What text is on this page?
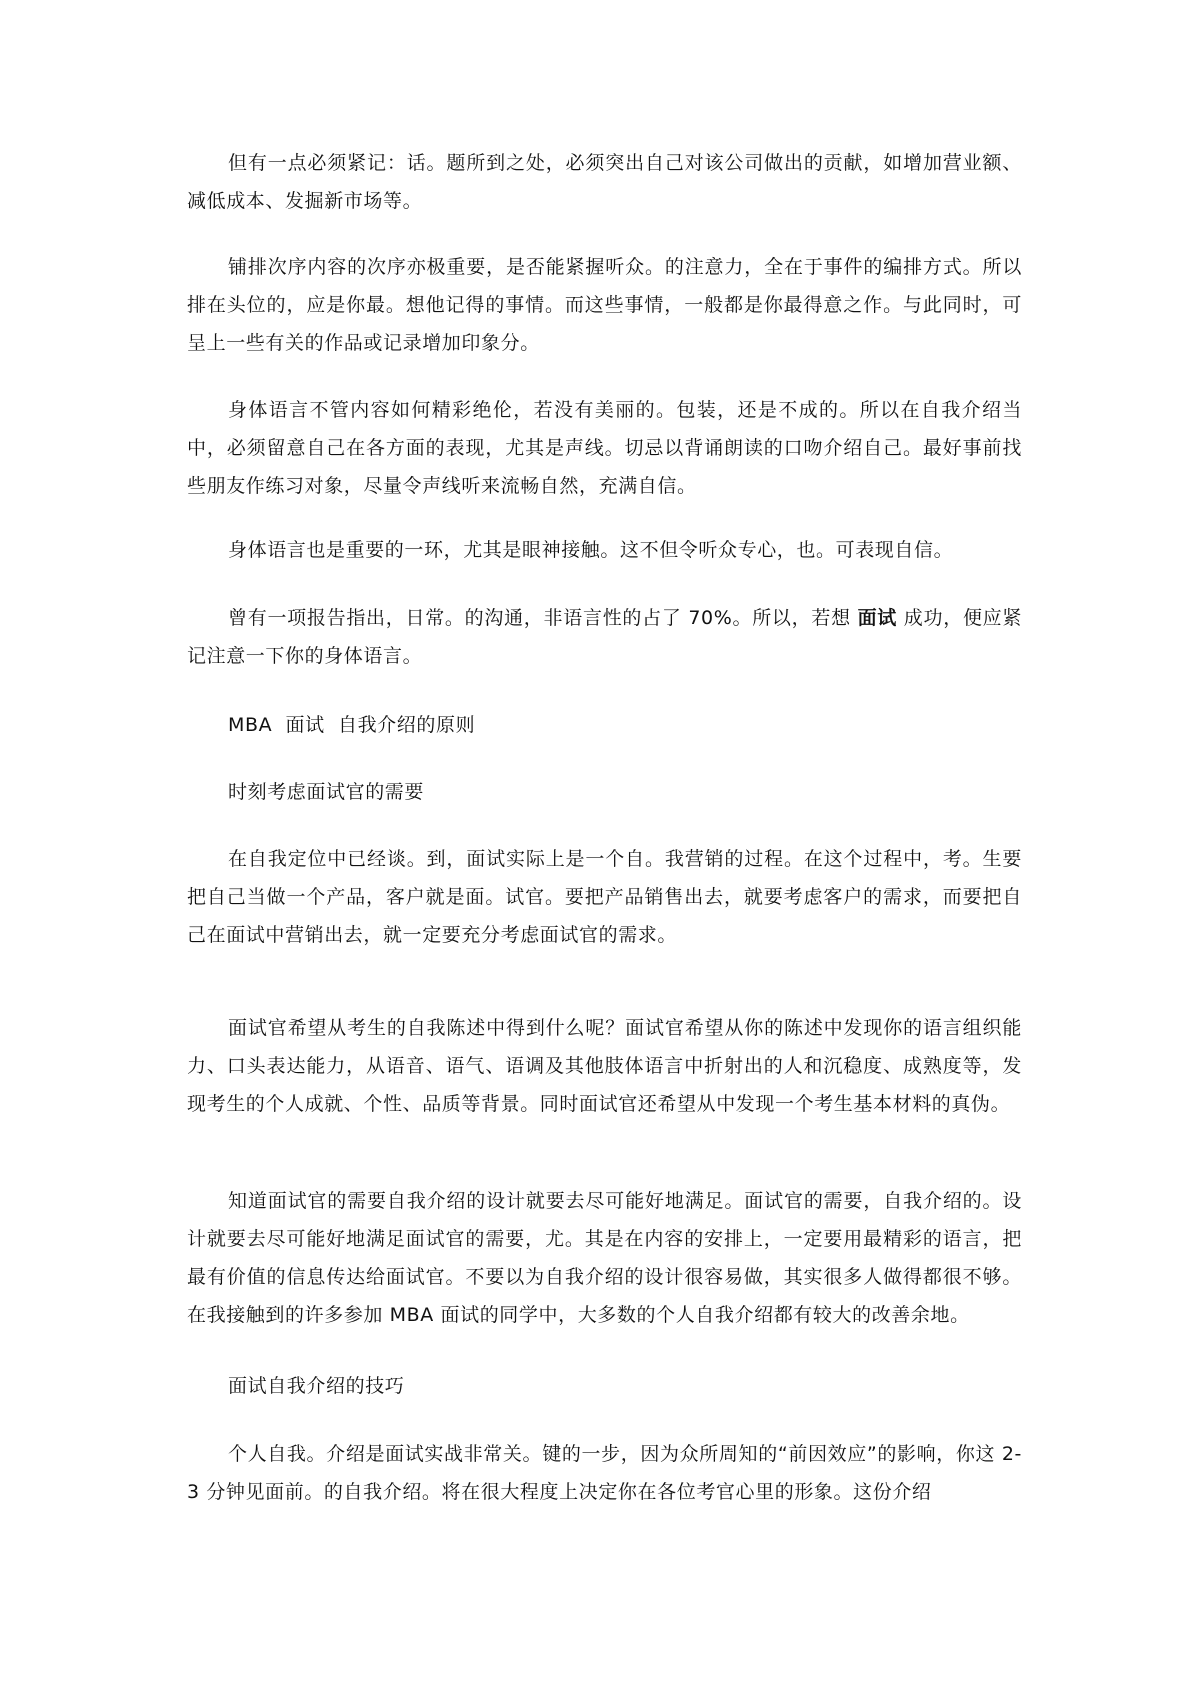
但有一点必须紧记：话。题所到之处，必须突出自己对该公司做出的贡献，如增加营业额、减低成本、发掘新市场等。

铺排次序内容的次序亦极重要，是否能紧握听众。的注意力，全在于事件的编排方式。所以排在头位的，应是你最。想他记得的事情。而这些事情，一般都是你最得意之作。与此同时，可呈上一些有关的作品或记录增加印象分。

身体语言不管内容如何精彩绝伦，若没有美丽的。包装，还是不成的。所以在自我介绍当中，必须留意自己在各方面的表现，尤其是声线。切忌以背诵朗读的口吻介绍自己。最好事前找些朋友作练习对象，尽量令声线听来流畅自然，充满自信。

身体语言也是重要的一环，尤其是眼神接触。这不但令听众专心，也。可表现自信。

曾有一项报告指出，日常。的沟通，非语言性的占了 70%。所以，若想 面试 成功，便应紧记注意一下你的身体语言。

MBA  面试  自我介绍的原则

时刻考虑面试官的需要

在自我定位中已经谈。到，面试实际上是一个自。我营销的过程。在这个过程中，考。生要把自己当做一个产品，客户就是面。试官。要把产品销售出去，就要考虑客户的需求，而要把自己在面试中营销出去，就一定要充分考虑面试官的需求。

面试官希望从考生的自我陈述中得到什么呢？面试官希望从你的陈述中发现你的语言组织能力、口头表达能力，从语音、语气、语调及其他肢体语言中折射出的人和沉稳度、成熟度等，发现考生的个人成就、个性、品质等背景。同时面试官还希望从中发现一个考生基本材料的真伪。

知道面试官的需要自我介绍的设计就要去尽可能好地满足。面试官的需要，自我介绍的。设计就要去尽可能好地满足面试官的需要，尤。其是在内容的安排上，一定要用最精彩的语言，把最有价值的信息传达给面试官。不要以为自我介绍的设计很容易做，其实很多人做得都很不够。在我接触到的许多参加 MBA 面试的同学中，大多数的个人自我介绍都有较大的改善余地。

面试自我介绍的技巧

个人自我。介绍是面试实战非常关。键的一步，因为众所周知的“前因效应”的影响，你这 2-3 分钟见面前。的自我介绍。将在很大程度上决定你在各位考官心里的形象。这份介绍
